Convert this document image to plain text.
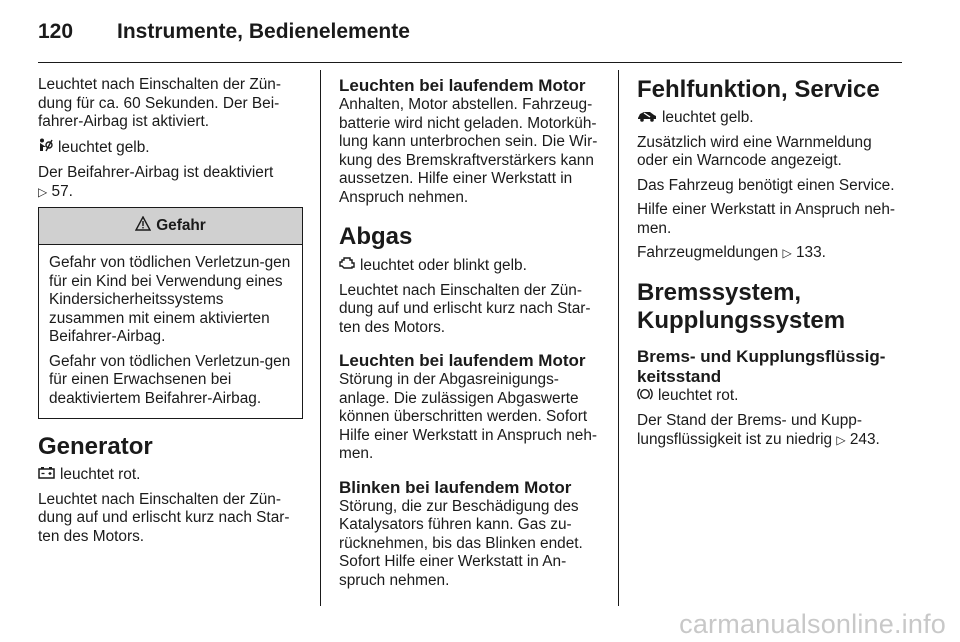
120 Instrumente, Bedienelemente

Leuchtet nach Einschalten der Zün-dung für ca. 60 Sekunden. Der Bei-fahrer-Airbag ist aktiviert.

leuchtet gelb.

Der Beifahrer-Airbag ist deaktiviert

▷ 57.

Gefahr

Gefahr von tödlichen Verletzun-gen für ein Kind bei Verwendung eines Kindersicherheitssystems zusammen mit einem aktivierten Beifahrer-Airbag.

Gefahr von tödlichen Verletzun-gen für einen Erwachsenen bei deaktiviertem Beifahrer-Airbag.

Generator

leuchtet rot.

Leuchtet nach Einschalten der Zün-dung auf und erlischt kurz nach Star-ten des Motors.

Leuchten bei laufendem Motor

Anhalten, Motor abstellen. Fahrzeug-batterie wird nicht geladen. Motorküh-lung kann unterbrochen sein. Die Wir-kung des Bremskraftverstärkers kann aussetzen. Hilfe einer Werkstatt in Anspruch nehmen.

Abgas

leuchtet oder blinkt gelb.

Leuchtet nach Einschalten der Zün-dung auf und erlischt kurz nach Star-ten des Motors.

Leuchten bei laufendem Motor

Störung in der Abgasreinigungs-anlage. Die zulässigen Abgaswerte können überschritten werden. Sofort Hilfe einer Werkstatt in Anspruch neh-men.

Blinken bei laufendem Motor

Störung, die zur Beschädigung des Katalysators führen kann. Gas zu-rücknehmen, bis das Blinken endet. Sofort Hilfe einer Werkstatt in An-spruch nehmen.

Fehlfunktion, Service

leuchtet gelb.

Zusätzlich wird eine Warnmeldung oder ein Warncode angezeigt.

Das Fahrzeug benötigt einen Service.

Hilfe einer Werkstatt in Anspruch neh-men.

Fahrzeugmeldungen ▷ 133.

Bremssystem,
Kupplungssystem
Brems- und Kupplungsflüssig-keitsstand

leuchtet rot.

Der Stand der Brems- und Kupp-lungsflüssigkeit ist zu niedrig ▷ 243.

carmanualsonline.info
